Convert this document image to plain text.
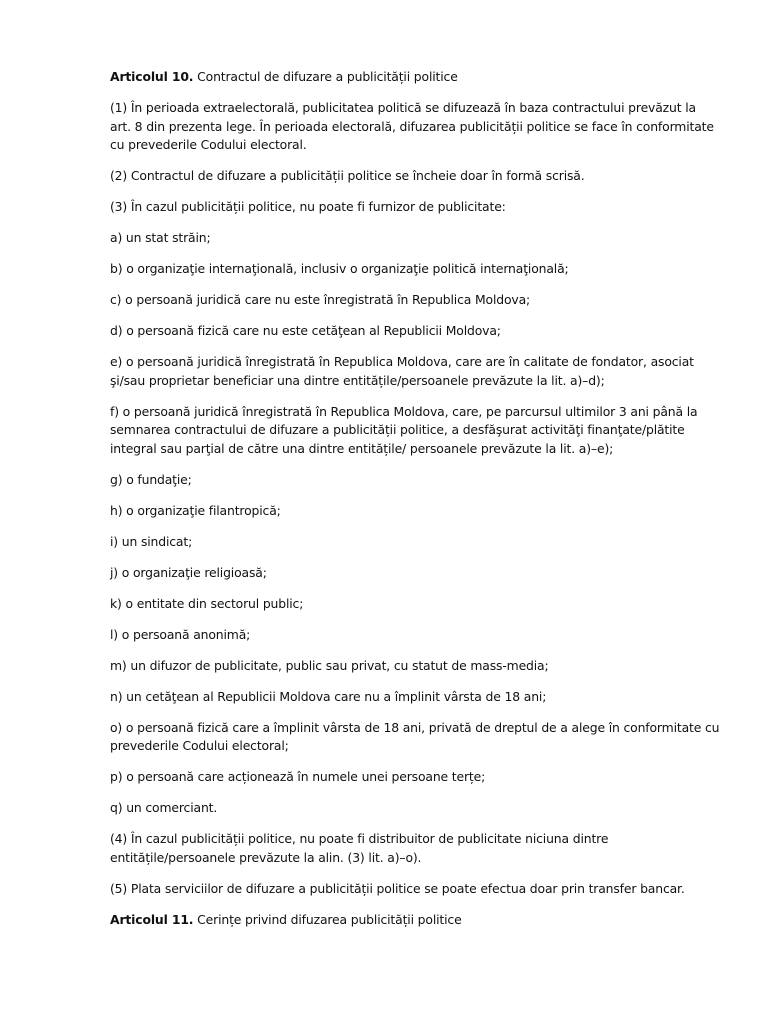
Articolul 10. Contractul de difuzare a publicității politice

(1) În perioada extraelectorală, publicitatea politică se difuzează în baza contractului prevăzut la art. 8 din prezenta lege. În perioada electorală, difuzarea publicității politice se face în conformitate cu prevederile Codului electoral.

(2) Contractul de difuzare a publicității politice se încheie doar în formă scrisă.

(3) În cazul publicității politice, nu poate fi furnizor de publicitate:

a) un stat străin;

b) o organizaţie internaţională, inclusiv o organizaţie politică internaţională;

c) o persoană juridică care nu este înregistrată în Republica Moldova;

d) o persoană fizică care nu este cetăţean al Republicii Moldova;

e) o persoană juridică înregistrată în Republica Moldova, care are în calitate de fondator, asociat şi/sau proprietar beneficiar una dintre entitățile/persoanele prevăzute la lit. a)–d);

f) o persoană juridică înregistrată în Republica Moldova, care, pe parcursul ultimilor 3 ani până la semnarea contractului de difuzare a publicității politice, a desfăşurat activităţi finanţate/plătite integral sau parţial de către una dintre entitățile/ persoanele prevăzute la lit. a)–e);

g) o fundaţie;

h) o organizaţie filantropică;

i) un sindicat;

j) o organizaţie religioasă;

k) o entitate din sectorul public;

l) o persoană anonimă;

m) un difuzor de publicitate, public sau privat, cu statut de mass-media;

n) un cetăţean al Republicii Moldova care nu a împlinit vârsta de 18 ani;

o) o persoană fizică care a împlinit vârsta de 18 ani, privată de dreptul de a alege în conformitate cu prevederile Codului electoral;

p) o persoană care acționează în numele unei persoane terțe;

q) un comerciant.

(4) În cazul publicității politice, nu poate fi distribuitor de publicitate niciuna dintre entitățile/persoanele prevăzute la alin. (3) lit. a)–o).

(5) Plata serviciilor de difuzare a publicității politice se poate efectua doar prin transfer bancar.

Articolul 11. Cerințe privind difuzarea publicității politice
